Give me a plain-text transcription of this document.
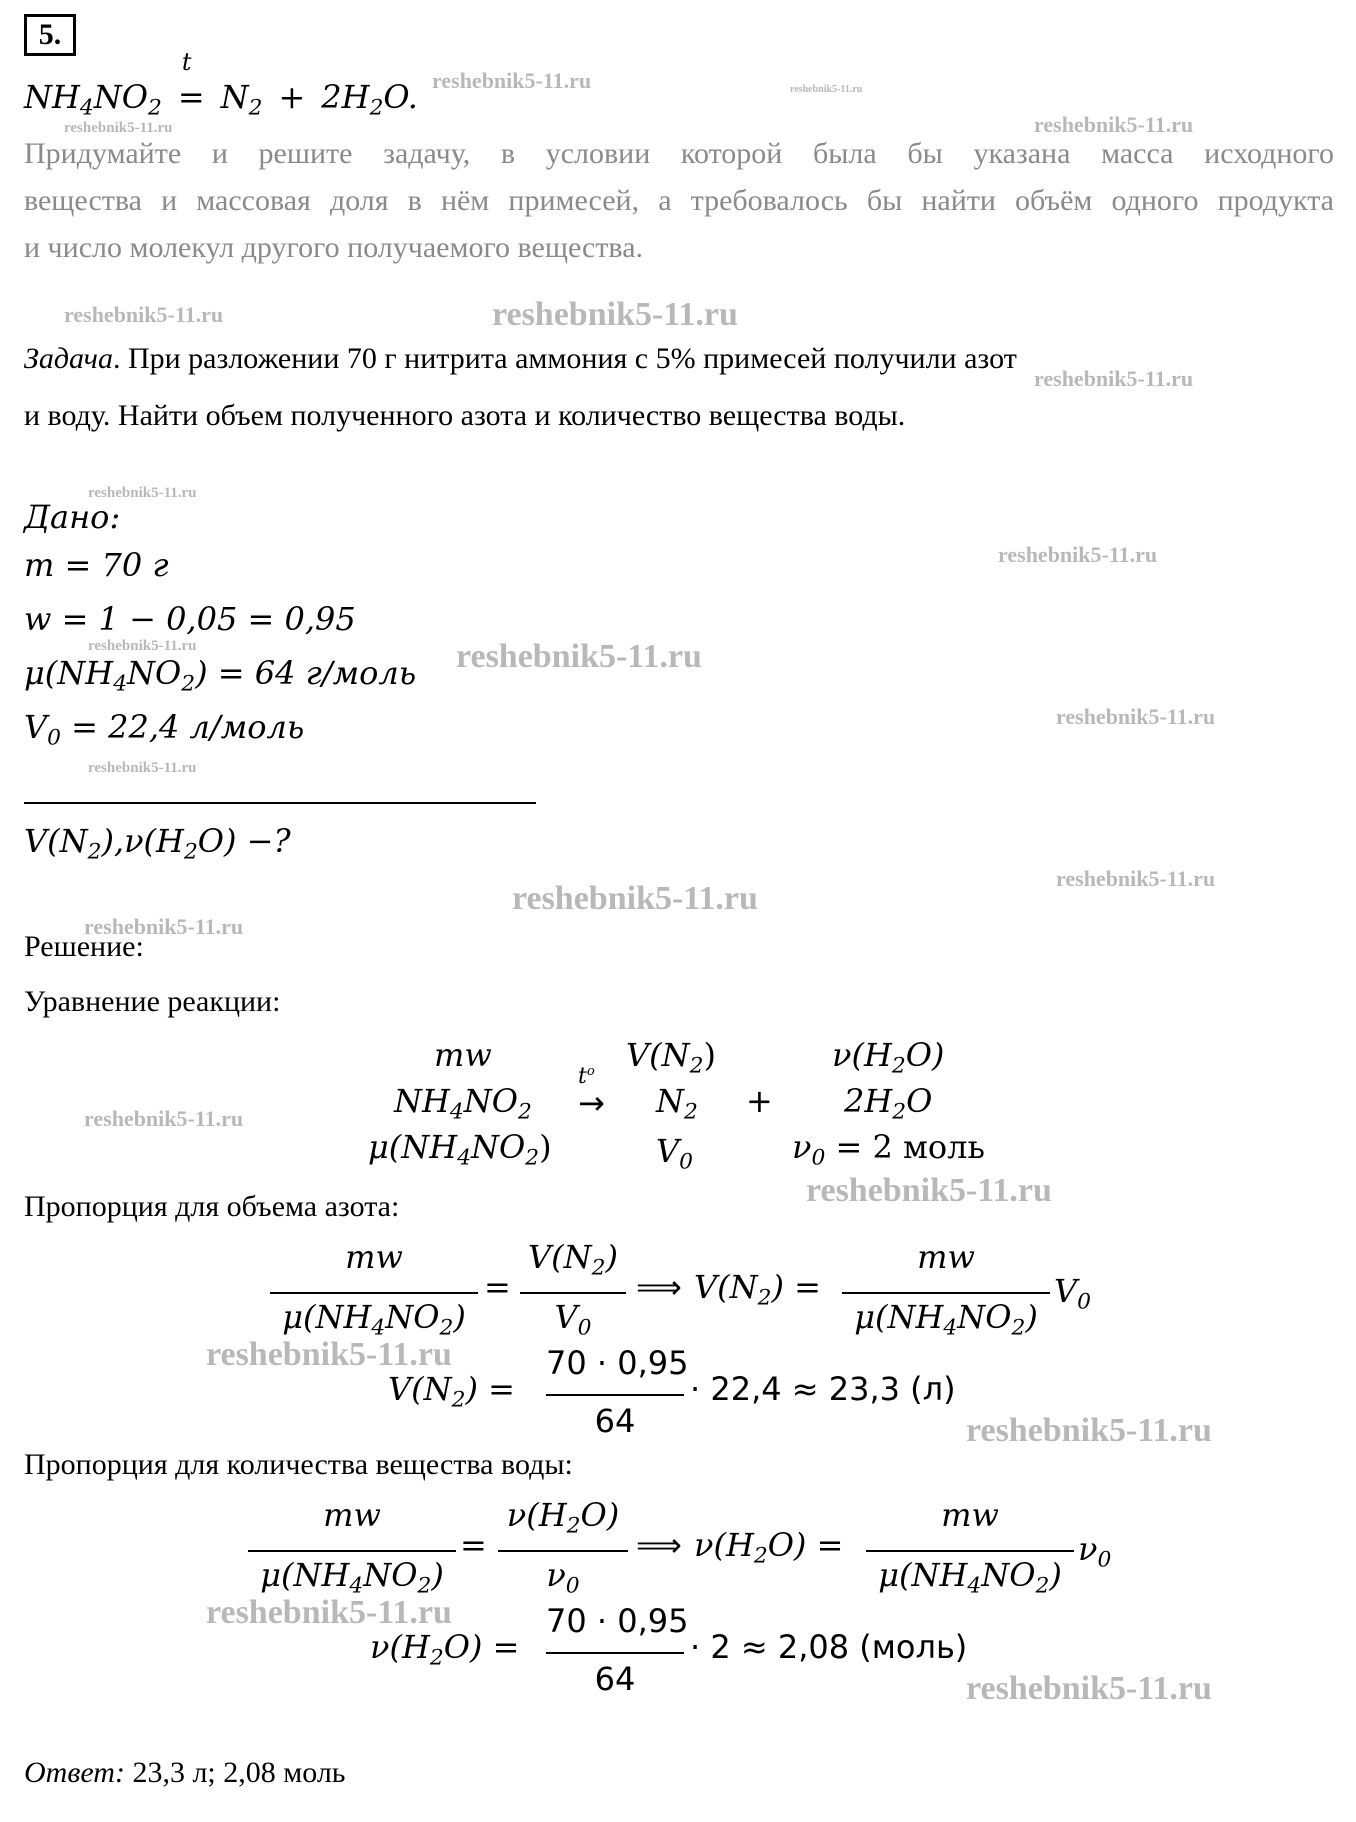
5.
$NH_4NO_2$
t
= $N_2 + 2H_2O$.
Придумайте и решите задачу, в условии которой была бы указана масса исходного
вещества и массовая доля в нём примесей, а требовалось бы найти объём одного продукта
и число молекул другого получаемого вещества.
Задача. При разложении 70 г нитрита аммония с 5% примесей получили азот
и воду. Найти объем полученного азота и количество вещества воды.
Дано:
m = 70 г
w = 1 − 0,05 = 0,95
$\mu(NH_4NO_2) = 64$ г/моль
$V_0 = 22,4$ л/моль
$V(N_2),\nu(H_2O)$ −?
Решение:
Уравнение реакции:
mw	$V(N_2)$	$\nu(H_2O)$
$NH_4NO_2$
$t^o$
→ $N_2 + 2H_2O$
$\mu(NH_4NO_2)$	$V_0$	$\nu_0 = 2$ моль
Пропорция для объема азота:
mw
$\mu(NH_4NO_2)$
=
$V(N_2)$
$V_0$
⟹ $V(N_2)$ =
mw
$\mu(NH_4NO_2)$
$V_0$
$V(N_2)$ =
70 · 0,95
64
· 22,4 ≈ 23,3 (л)
Пропорция для количества вещества воды:
mw
$\mu(NH_4NO_2)$
=
$\nu(H_2O)$
$\nu_0$
⟹ $\nu(H_2O)$ =
mw
$\mu(NH_4NO_2)$
$\nu_0$
$\nu(H_2O)$ =
70 · 0,95
64
· 2 ≈ 2,08 (моль)
Ответ: 23,3 л; 2,08 моль
reshebnik5-11.ru	reshebnik5-11.ru
reshebnik5-11.ru	reshebnik5-11.ru
reshebnik5-11.ru	reshebnik5-11.ru
reshebnik5-11.ru
reshebnik5-11.ru
reshebnik5-11.ru
reshebnik5-11.ru	reshebnik5-11.ru
reshebnik5-11.ru
reshebnik5-11.ru
reshebnik5-11.ru
reshebnik5-11.ru
reshebnik5-11.ru
reshebnik5-11.ru
reshebnik5-11.ru
reshebnik5-11.ru
reshebnik5-11.ru
reshebnik5-11.ru
reshebnik5-11.ru
